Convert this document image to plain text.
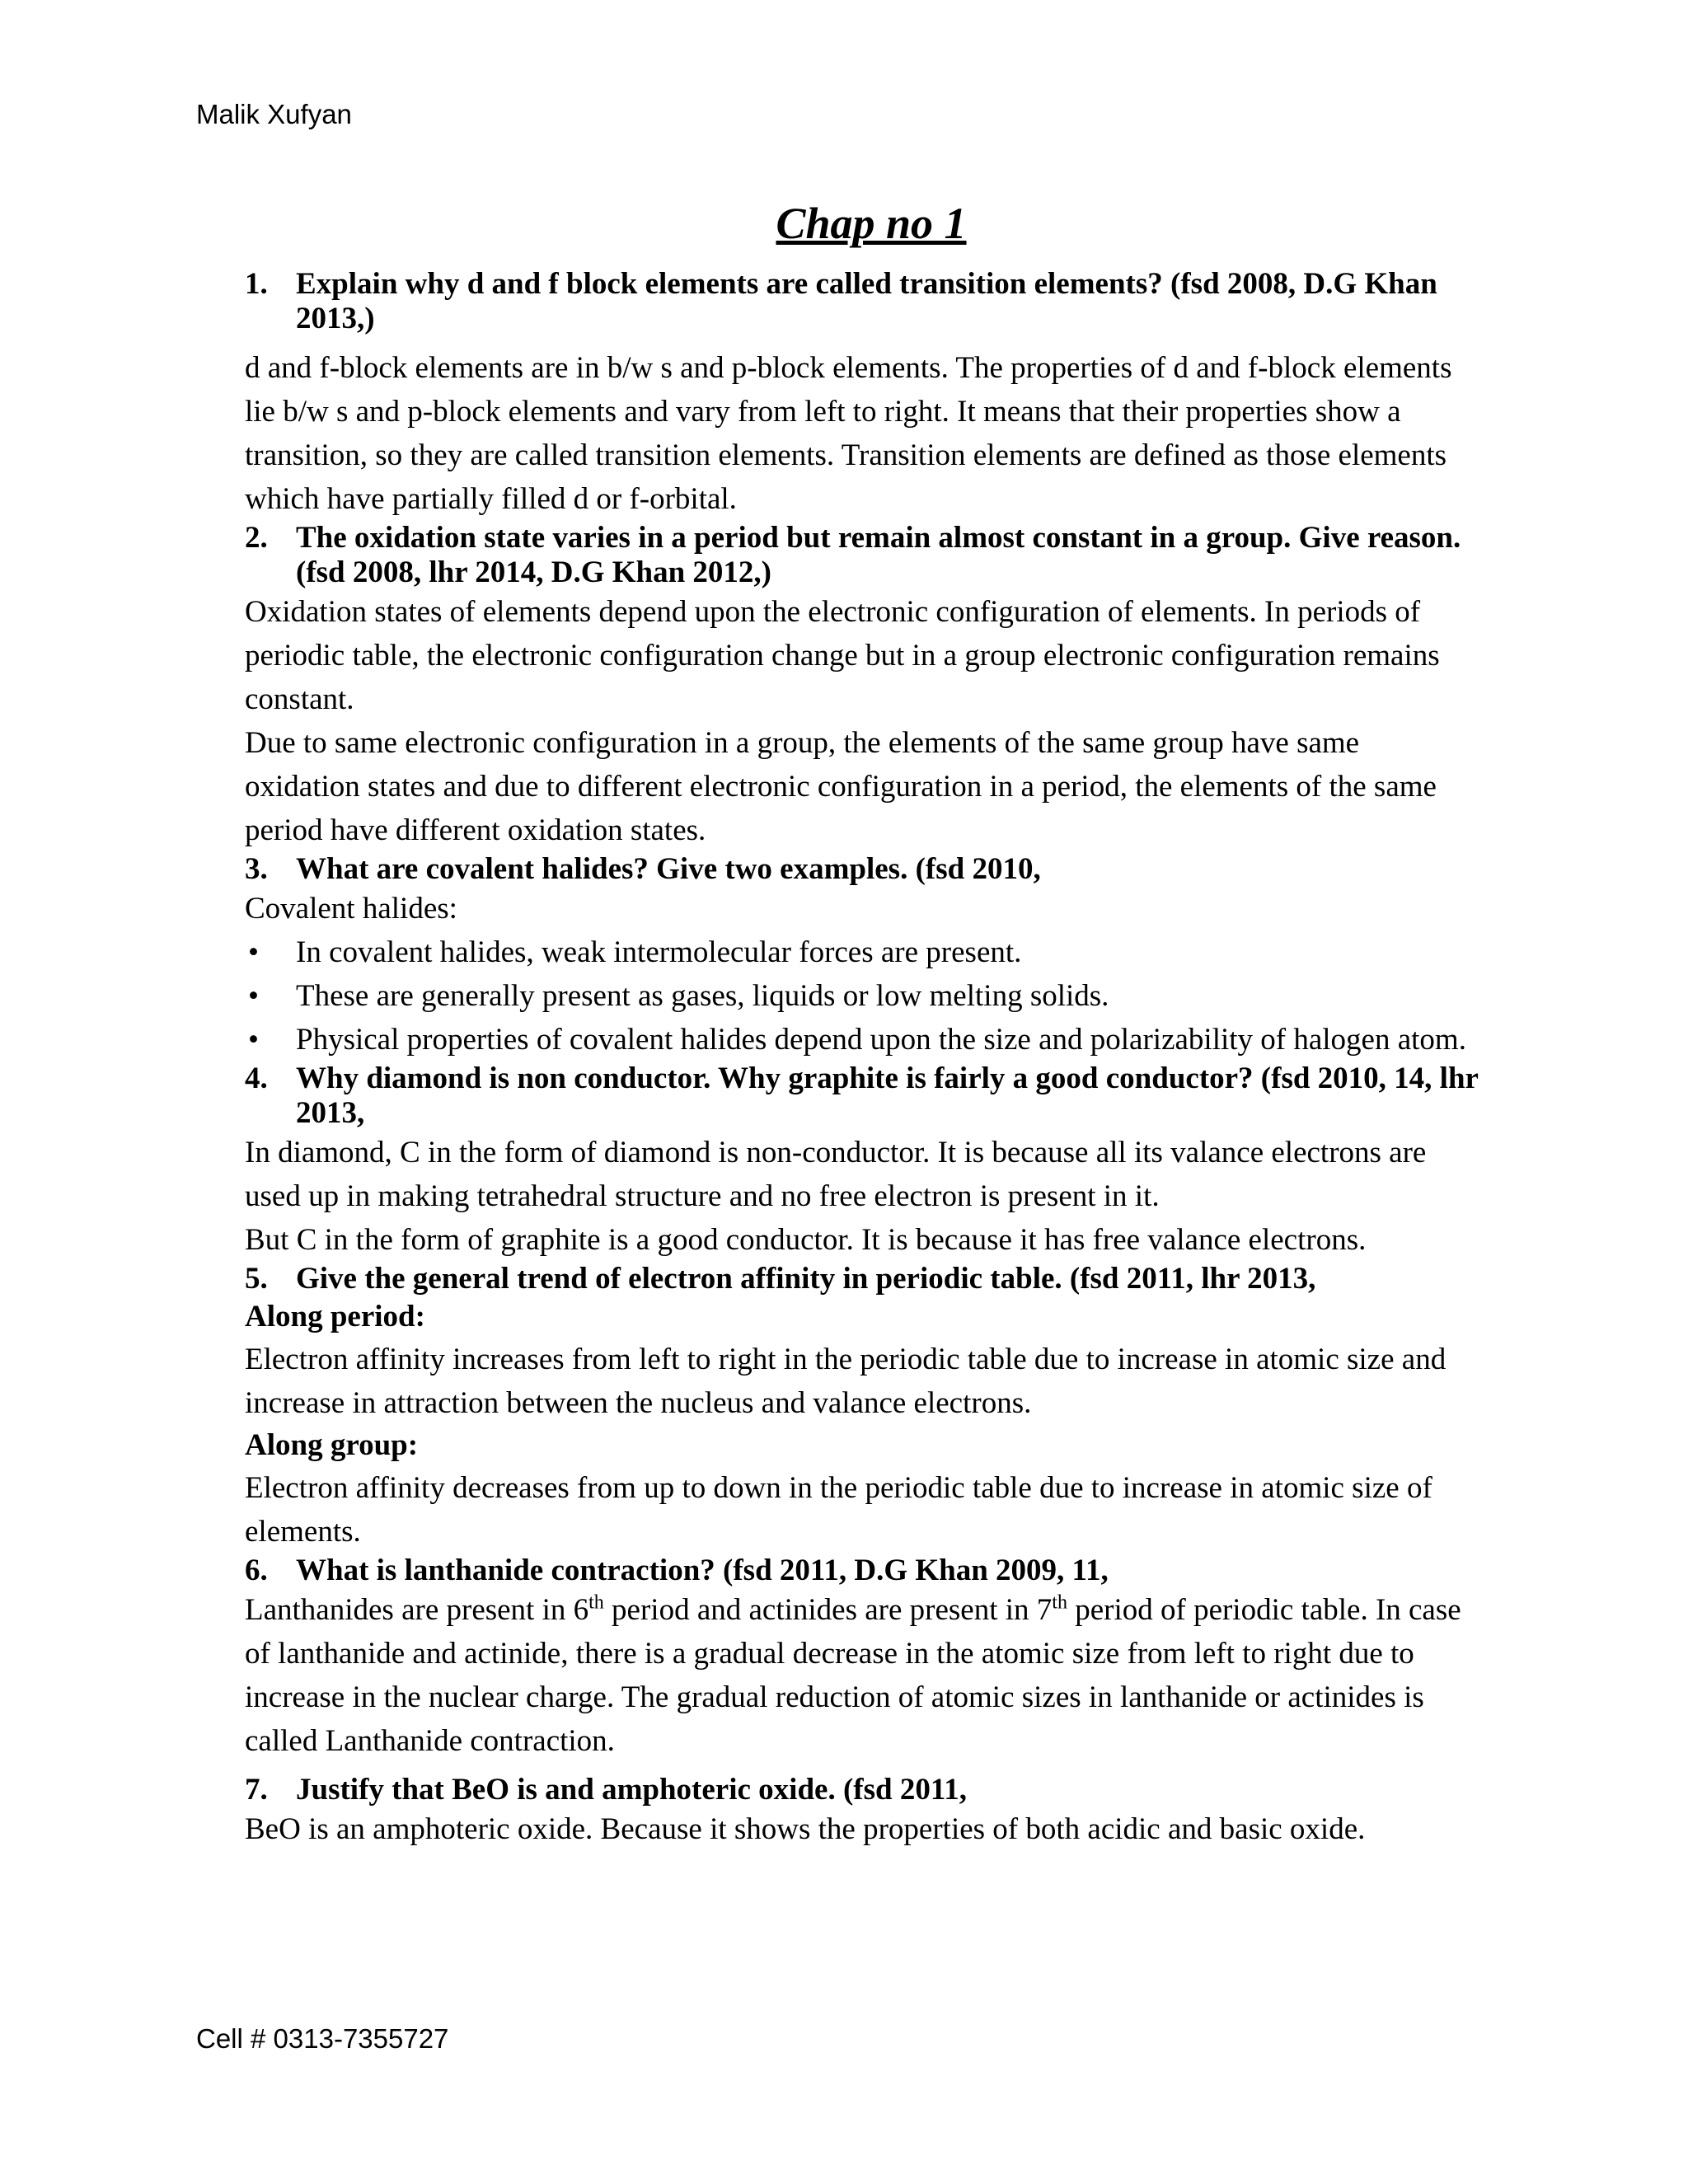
Malik Xufyan
Chap no 1
1. Explain why d and f block elements are called transition elements? (fsd 2008, D.G Khan 2013,)

d and f-block elements are in b/w s and p-block elements. The properties of d and f-block elements lie b/w s and p-block elements and vary from left to right. It means that their properties show a transition, so they are called transition elements. Transition elements are defined as those elements which have partially filled d or f-orbital.

2. The oxidation state varies in a period but remain almost constant in a group. Give reason. (fsd 2008, lhr 2014, D.G Khan 2012,)

Oxidation states of elements depend upon the electronic configuration of elements. In periods of periodic table, the electronic configuration change but in a group electronic configuration remains constant.

Due to same electronic configuration in a group, the elements of the same group have same oxidation states and due to different electronic configuration in a period, the elements of the same period have different oxidation states.

3. What are covalent halides? Give two examples. (fsd 2010,

Covalent halides:

•	In covalent halides, weak intermolecular forces are present.
•	These are generally present as gases, liquids or low melting solids.
•	Physical properties of covalent halides depend upon the size and polarizability of halogen atom.
4. Why diamond is non conductor. Why graphite is fairly a good conductor? (fsd 2010, 14, lhr 2013,

In diamond, C in the form of diamond is non-conductor. It is because all its valance electrons are used up in making tetrahedral structure and no free electron is present in it.

But C in the form of graphite is a good conductor. It is because it has free valance electrons.

5. Give the general trend of electron affinity in periodic table. (fsd 2011, lhr 2013,
Along period:

Electron affinity increases from left to right in the periodic table due to increase in atomic size and increase in attraction between the nucleus and valance electrons.

Along group:

Electron affinity decreases from up to down in the periodic table due to increase in atomic size of elements.

6. What is lanthanide contraction? (fsd 2011, D.G Khan 2009, 11,

Lanthanides are present in 6th period and actinides are present in 7th period of periodic table. In case of lanthanide and actinide, there is a gradual decrease in the atomic size from left to right due to increase in the nuclear charge. The gradual reduction of atomic sizes in lanthanide or actinides is called Lanthanide contraction.

7. Justify that BeO is and amphoteric oxide. (fsd 2011,

BeO is an amphoteric oxide. Because it shows the properties of both acidic and basic oxide.

Cell # 0313-7355727
